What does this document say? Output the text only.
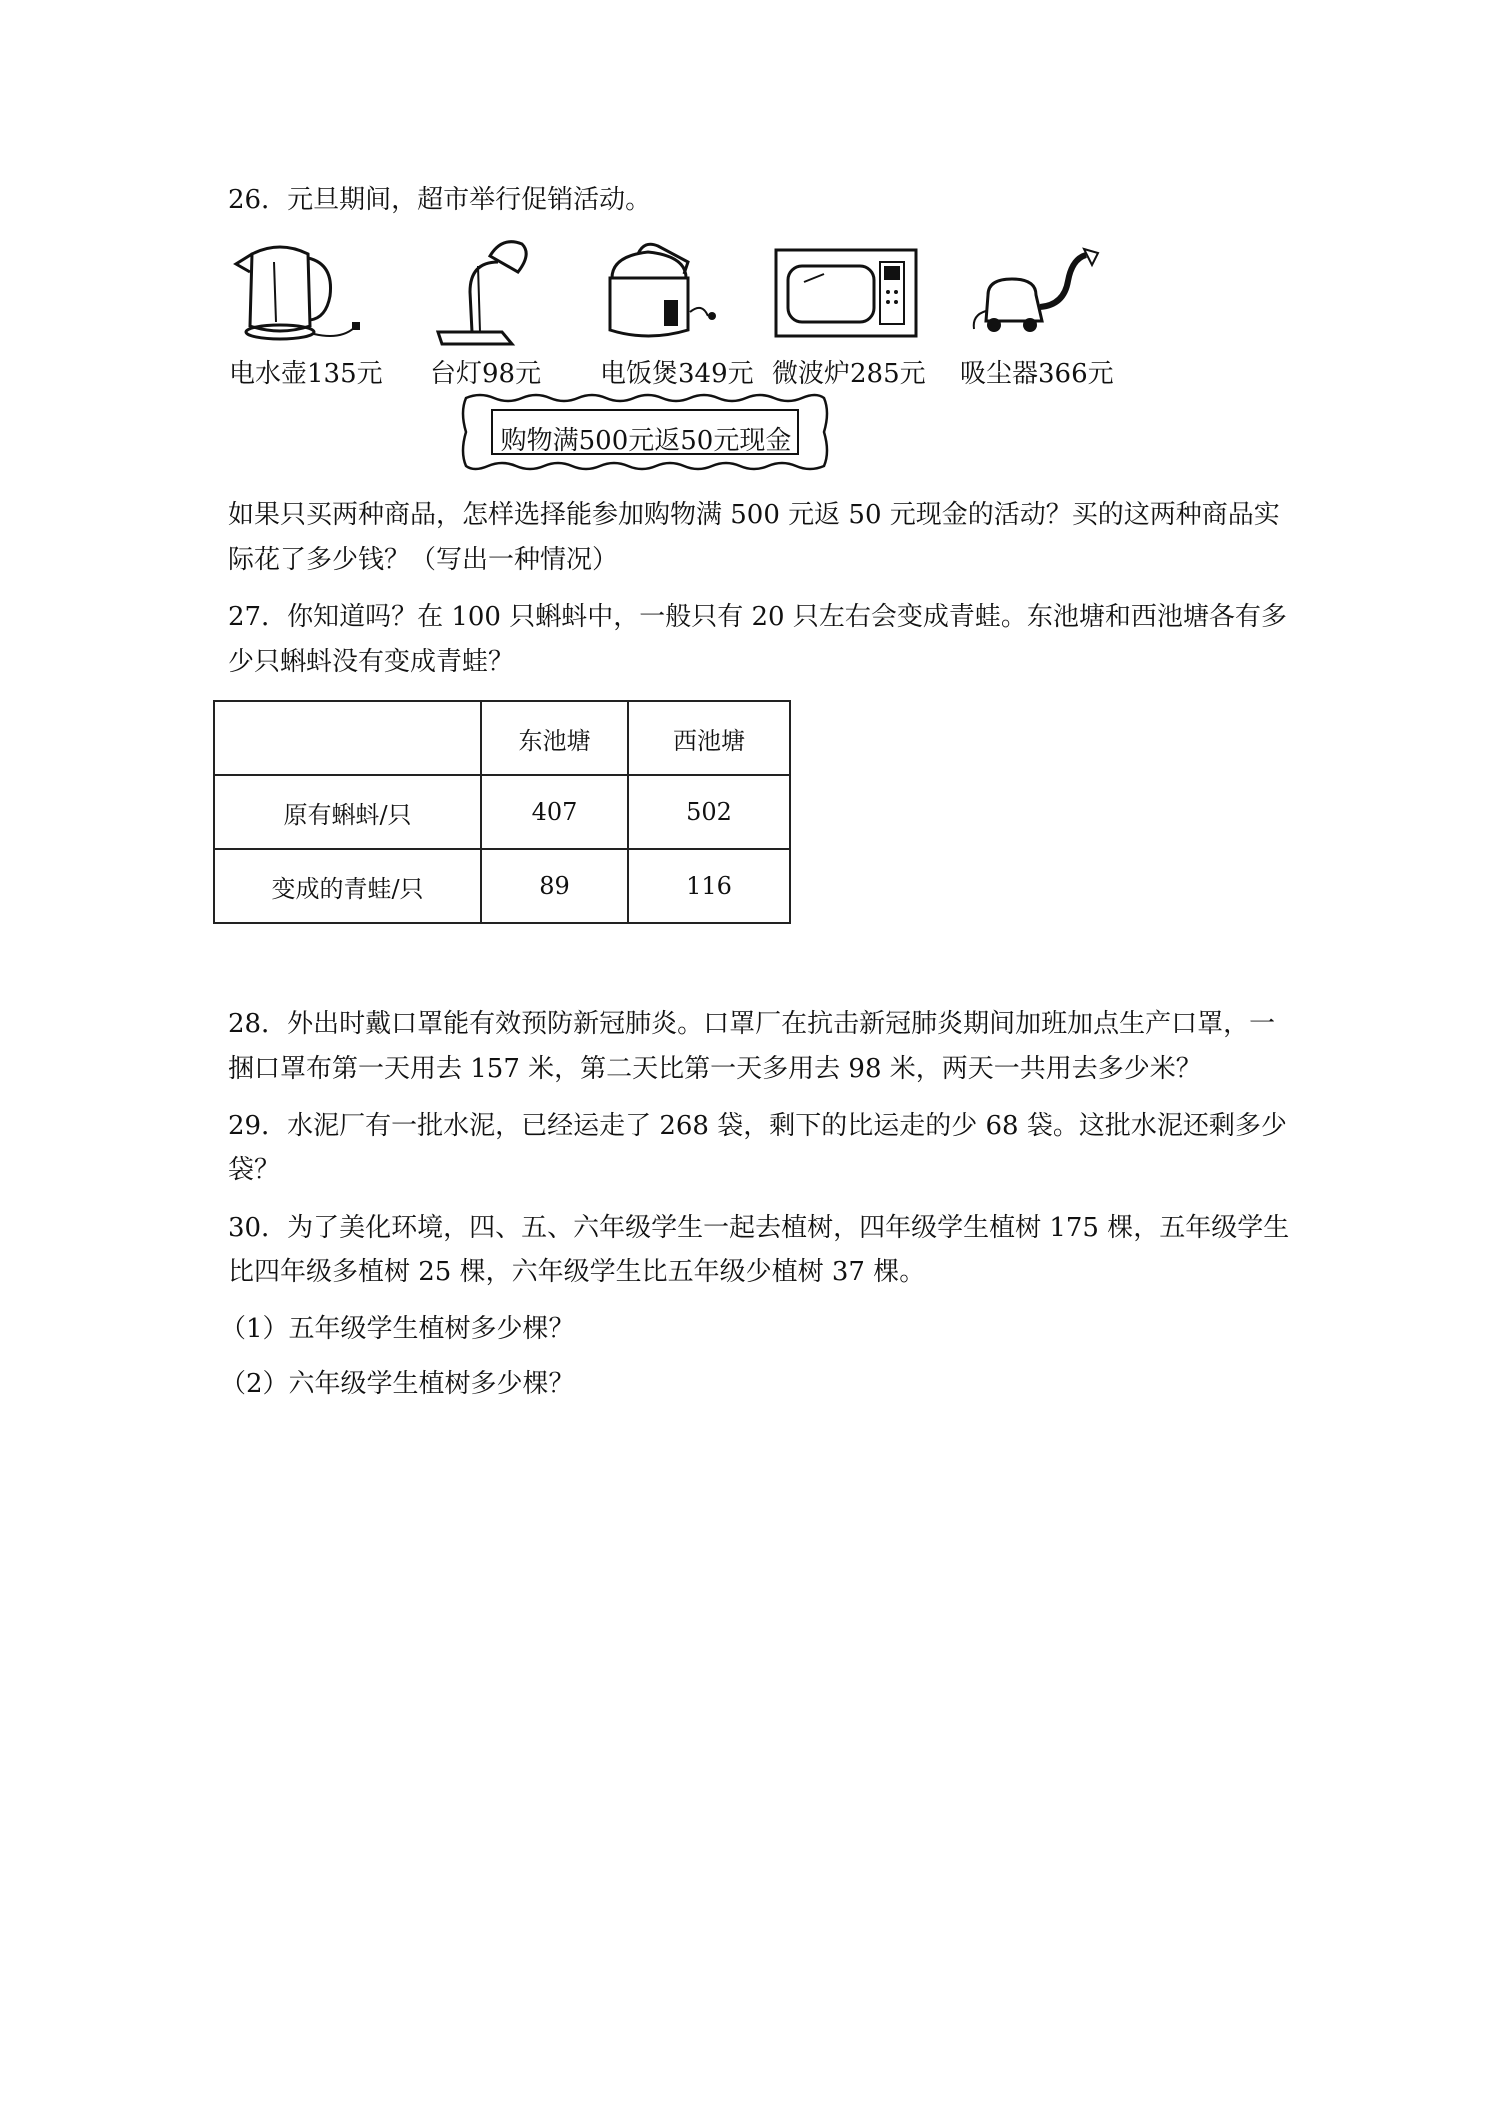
26．元旦期间，超市举行促销活动。
电水壶135元 台灯98元 电饭煲349元 微波炉285元 吸尘器366元
购物满500元返50元现金
如果只买两种商品，怎样选择能参加购物满 500 元返 50 元现金的活动？买的这两种商品实
际花了多少钱？（写出一种情况）
27．你知道吗？在 100 只蝌蚪中，一般只有 20 只左右会变成青蛙。东池塘和西池塘各有多
少只蝌蚪没有变成青蛙？
	东池塘	西池塘
原有蝌蚪/只	407	502
变成的青蛙/只	89	116
28．外出时戴口罩能有效预防新冠肺炎。口罩厂在抗击新冠肺炎期间加班加点生产口罩，一
捆口罩布第一天用去 157 米，第二天比第一天多用去 98 米，两天一共用去多少米？
29．水泥厂有一批水泥，已经运走了 268 袋，剩下的比运走的少 68 袋。这批水泥还剩多少
袋？
30．为了美化环境，四、五、六年级学生一起去植树，四年级学生植树 175 棵，五年级学生
比四年级多植树 25 棵，六年级学生比五年级少植树 37 棵。
（1）五年级学生植树多少棵？
（2）六年级学生植树多少棵？
